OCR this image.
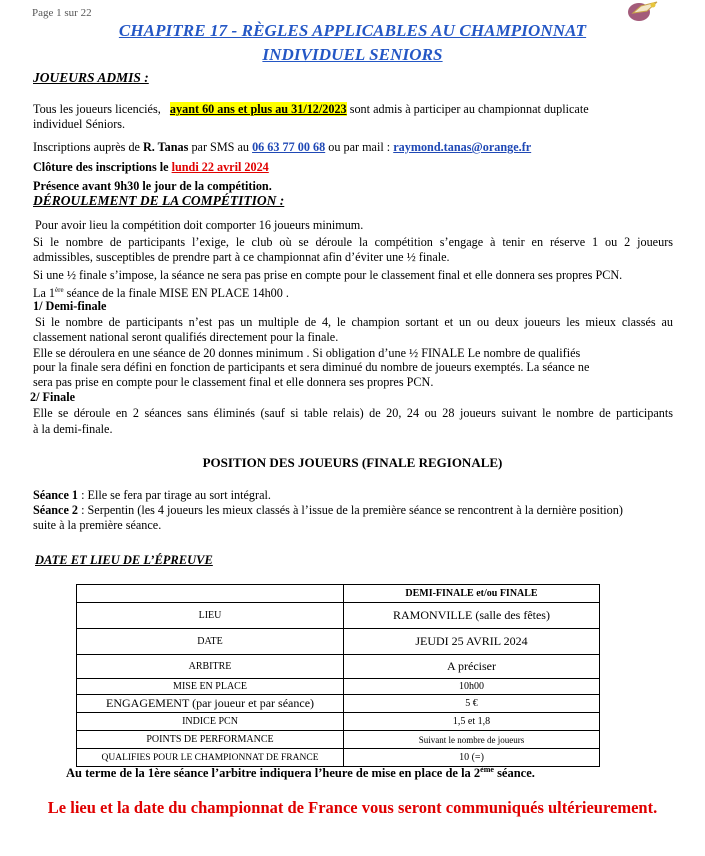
Page 1 sur 22
CHAPITRE 17 - RÈGLES APPLICABLES AU CHAMPIONNAT
INDIVIDUEL SENIORS
JOUEURS ADMIS :
Tous les joueurs licenciés, ayant 60 ans et plus au 31/12/2023 sont admis à participer au championnat duplicate
individuel Séniors.
Inscriptions auprès de R. Tanas par SMS au 06 63 77 00 68 ou par mail : raymond.tanas@orange.fr
Clôture des inscriptions le lundi 22 avril 2024
Présence avant 9h30 le jour de la compétition.
DÉROULEMENT DE LA COMPÉTITION :
Pour avoir lieu la compétition doit comporter 16 joueurs minimum.
Si le nombre de participants l’exige, le club où se déroule la compétition s’engage à tenir en réserve 1 ou 2 joueurs
admissibles, susceptibles de prendre part à ce championnat afin d’éviter une ½ finale.
Si une ½ finale s’impose, la séance ne sera pas prise en compte pour le classement final et elle donnera ses propres PCN.
La 1ère séance de la finale MISE EN PLACE 14h00 .
1/ Demi-finale
Si le nombre de participants n’est pas un multiple de 4, le champion sortant et un ou deux joueurs les mieux classés au
classement national seront qualifiés directement pour la finale.
Elle se déroulera en une séance de 20 donnes minimum . Si obligation d’une ½ FINALE Le nombre de qualifiés
pour la finale sera défini en fonction de participants et sera diminué du nombre de joueurs exemptés. La séance ne
sera pas prise en compte pour le classement final et elle donnera ses propres PCN.
2/ Finale
Elle se déroule en 2 séances sans éliminés (sauf si table relais) de 20, 24 ou 28 joueurs suivant le nombre de participants
à la demi-finale.
POSITION DES JOUEURS (FINALE REGIONALE)
Séance 1 : Elle se fera par tirage au sort intégral.
Séance 2 : Serpentin (les 4 joueurs les mieux classés à l’issue de la première séance se rencontrent à la dernière position)
suite à la première séance.
DATE ET LIEU DE L’ÉPREUVE
	DEMI-FINALE et/ou FINALE
LIEU	RAMONVILLE (salle des fêtes)
DATE	JEUDI 25 AVRIL 2024
ARBITRE	A préciser
MISE EN PLACE	10h00
ENGAGEMENT (par joueur et par séance)	5 €
INDICE PCN	1,5 et 1,8
POINTS DE PERFORMANCE	Suivant le nombre de joueurs
QUALIFIES POUR LE CHAMPIONNAT DE FRANCE	10 (=)
Au terme de la 1ère séance l’arbitre indiquera l’heure de mise en place de la 2ème séance.
Le lieu et la date du championnat de France vous seront communiqués ultérieurement.
